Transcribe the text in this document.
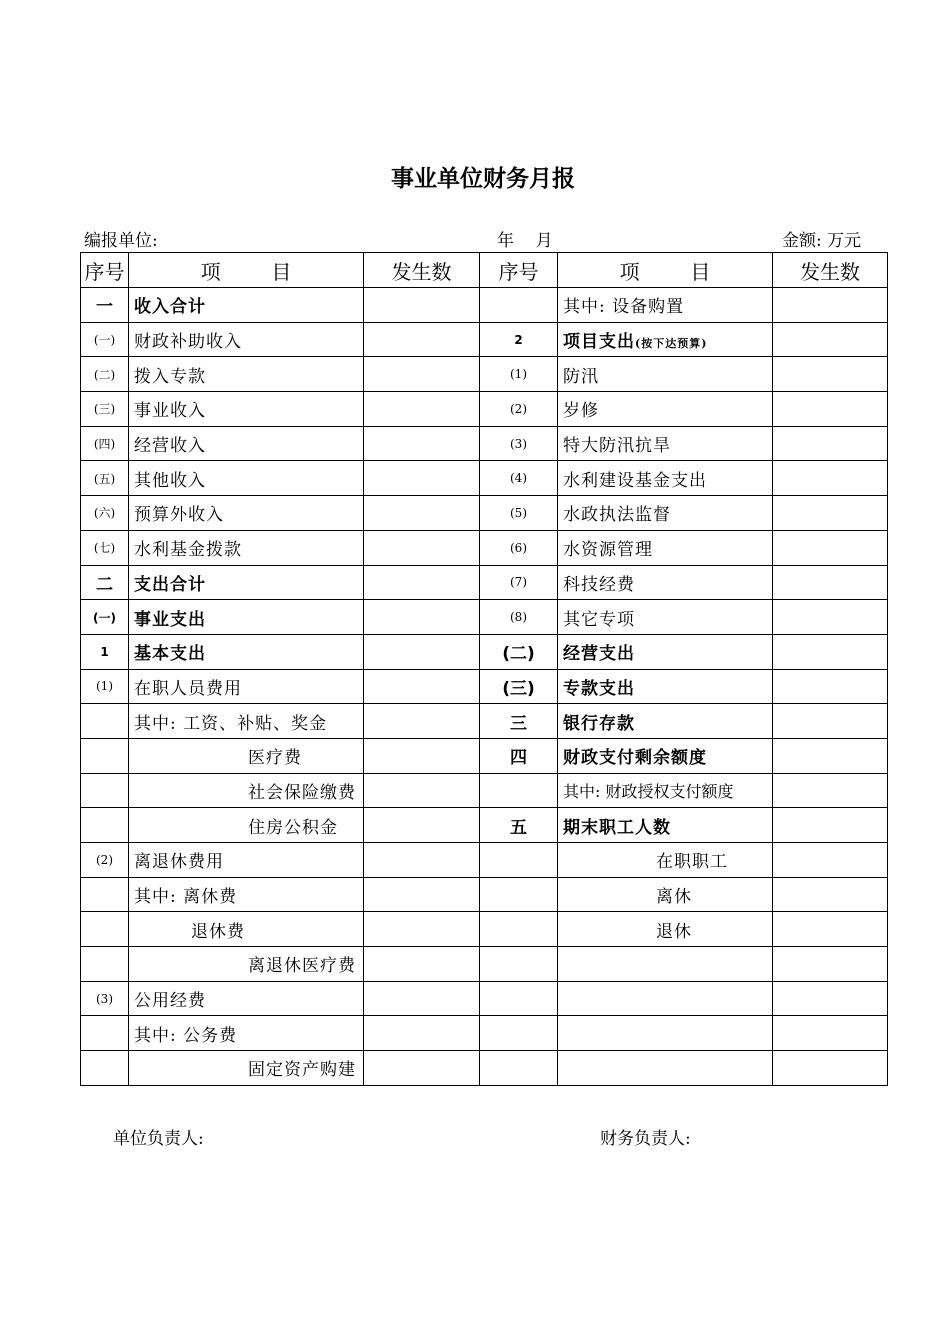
事业单位财务月报
编报单位:	年    月	金额: 万元
序号	项        目	发生数	序号	项        目	发生数
一	收入合计			其中: 设备购置	
(一)	财政补助收入		2	项目支出(按下达预算)	
(二)	拨入专款		(1)	防汛	
(三)	事业收入		(2)	岁修	
(四)	经营收入		(3)	特大防汛抗旱	
(五)	其他收入		(4)	水利建设基金支出	
(六)	预算外收入		(5)	水政执法监督	
(七)	水利基金拨款		(6)	水资源管理	
二	支出合计		(7)	科技经费	
(一)	事业支出		(8)	其它专项	
1	基本支出		(二)	经营支出	
(1)	在职人员费用		(三)	专款支出	
	其中: 工资、补贴、奖金		三	银行存款	
	医疗费		四	财政支付剩余额度	
	社会保险缴费			其中: 财政授权支付额度	
	住房公积金		五	期末职工人数	
(2)	离退休费用			在职职工	
	其中: 离休费			离休	
	退休费			退休	
	离退休医疗费				
(3)	公用经费				
	其中: 公务费				
	固定资产购建				
单位负责人:	财务负责人:
